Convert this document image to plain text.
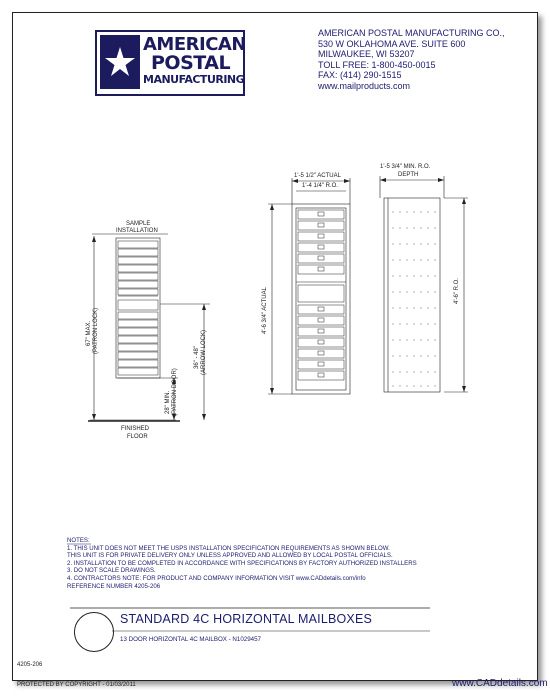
AMERICAN
POSTAL
MANUFACTURING
AMERICAN POSTAL MANUFACTURING CO.,
530 W OKLAHOMA AVE. SUITE 600
MILWAUKEE, WI 53207
TOLL FREE: 1-800-450-0015
FAX: (414) 290-1515
www.mailproducts.com
SAMPLE
INSTALLATION
67" MAX. (PATRON LOCK)
36" - 48" (ARROW LOCK)
28" MIN. (PATRON DOOR)
FINISHED
FLOOR
1'-5 1/2" ACTUAL
1'-4 1/4" R.O.
4'-6 3/4" ACTUAL
1'-5 3/4" MIN. R.O.
DEPTH
4'-6" R.O.
NOTES:
1. THIS UNIT DOES NOT MEET THE USPS INSTALLATION SPECIFICATION REQUIREMENTS AS SHOWN BELOW.
THIS UNIT IS FOR PRIVATE DELIVERY ONLY UNLESS APPROVED AND ALLOWED BY LOCAL POSTAL OFFICIALS.
2. INSTALLATION TO BE COMPLETED IN ACCORDANCE WITH SPECIFICATIONS BY FACTORY AUTHORIZED INSTALLERS
3. DO NOT SCALE DRAWINGS.
4. CONTRACTORS NOTE: FOR PRODUCT AND COMPANY INFORMATION VISIT www.CADdetails.com/info
REFERENCE NUMBER 4205-206
STANDARD 4C HORIZONTAL MAILBOXES
13 DOOR HORIZONTAL 4C MAILBOX - N1029457
4205-206
PROTECTED BY COPYRIGHT - 01/03/2011	www.CADdetails.com
